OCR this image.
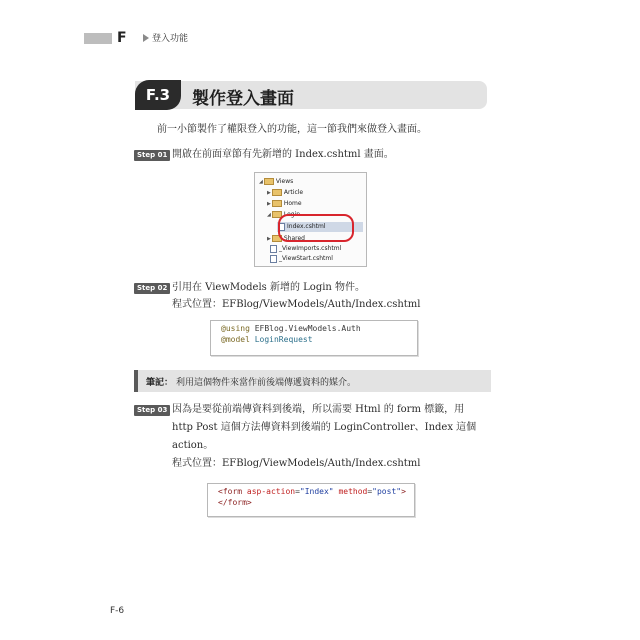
F	登入功能
F.3	製作登入畫面
前一小節製作了權限登入的功能，這一節我們來做登入畫面。
Step 01 開啟在前面章節有先新增的 Index.cshtml 畫面。
◢ Views
▶ Article
▶ Home
◢ Login
Index.cshtml
▶ Shared
_ViewImports.cshtml
_ViewStart.cshtml
Step 02 引用在 ViewModels 新增的 Login 物件。
程式位置：EFBlog/ViewModels/Auth/Index.cshtml
@using EFBlog.ViewModels.Auth
@model LoginRequest
筆記： 利用這個物件來當作前後端傳遞資料的媒介。
Step 03 因為是要從前端傳資料到後端，所以需要 Html 的 form 標籤，用
http Post 這個方法傳資料到後端的 LoginController、Index 這個
action。
程式位置：EFBlog/ViewModels/Auth/Index.cshtml
<form asp-action="Index" method="post">
</form>
F-6
